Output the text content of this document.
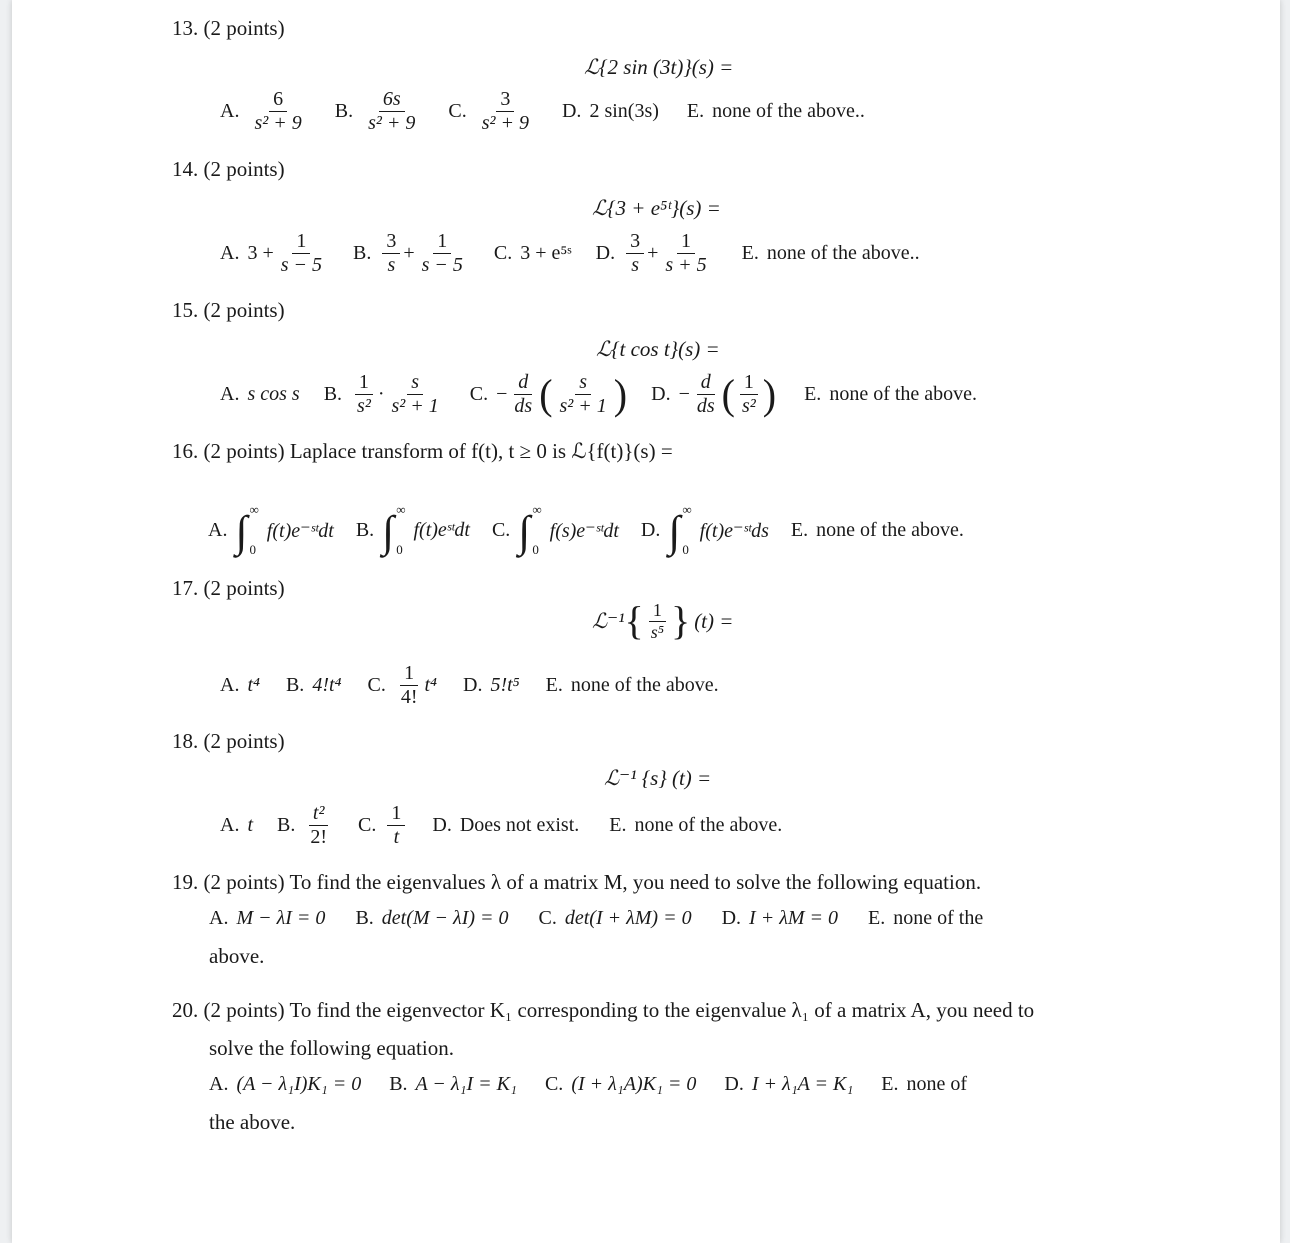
13. (2 points)
ℒ{2 sin (3t)}(s) =
A. $\frac{6}{\text{s² + 9}} B$. $\frac{6s}{\text{s² + 9}} C$. $\frac{3}{\text{s² + 9}} D$. 2 sin(3s) E. none of the above..
14. (2 points)
ℒ{3 + e⁵ᵗ}(s) =
A. $3 + \frac{1}{s - 5} B$. $\frac{3}{s} + \frac{1}{s - 5} C$. 3 + e⁵ˢ D. $\frac{3}{s} + \frac{1}{s + 5} E$. none of the above..
15. (2 points)
ℒ{t cos t}(s) =
A. s cos s B. $\frac{1}{\text{s²}} \cdot \frac{s}{\text{s² + 1}} C$. − $\frac{d}{ds}$ ( $\frac{s}{\text{s² + 1}}$ ) D. − $\frac{d}{ds}$ ( $\frac{1}{\text{s²}}$ ) E. none of the above.
16. (2 points) Laplace transform of f(t), t ≥ 0 is ℒ{f(t)}(s) =
A. ∫ ∞
0
f(t)e⁻ˢᵗdt B. ∫ ∞
0
f(t)eˢᵗdt C. ∫ ∞
0
f(s)e⁻ˢᵗdt D. ∫ ∞
0
f(t)e⁻ˢᵗds E. none of the above.
17. (2 points)
ℒ⁻¹ { $\frac{1}{\text{s⁵}}$ } (t) =
A. t⁴ B. 4!t⁴ C. $\frac{1}{4!} t^4$ D. 5!t⁵ E. none of the above.
18. (2 points)
ℒ⁻¹ {s} (t) =
A. t B. $\frac{\text{t²}}{2!} C$. $\frac{1}{t} D$. Does not exist. E. none of the above.
19. (2 points) To find the eigenvalues λ of a matrix M, you need to solve the following equation.
A. M − λI = 0 B. det(M − λI) = 0 C. det(I + λM) = 0 D. I + λM = 0 E. none of the
above.
20. (2 points) To find the eigenvector K₁ corresponding to the eigenvalue λ₁ of a matrix A, you need to
solve the following equation.
A. (A − λ₁I)K₁ = 0 B. A − λ₁I = K₁ C. (I + λ₁A)K₁ = 0 D. I + λ₁A = K₁ E. none of
the above.
